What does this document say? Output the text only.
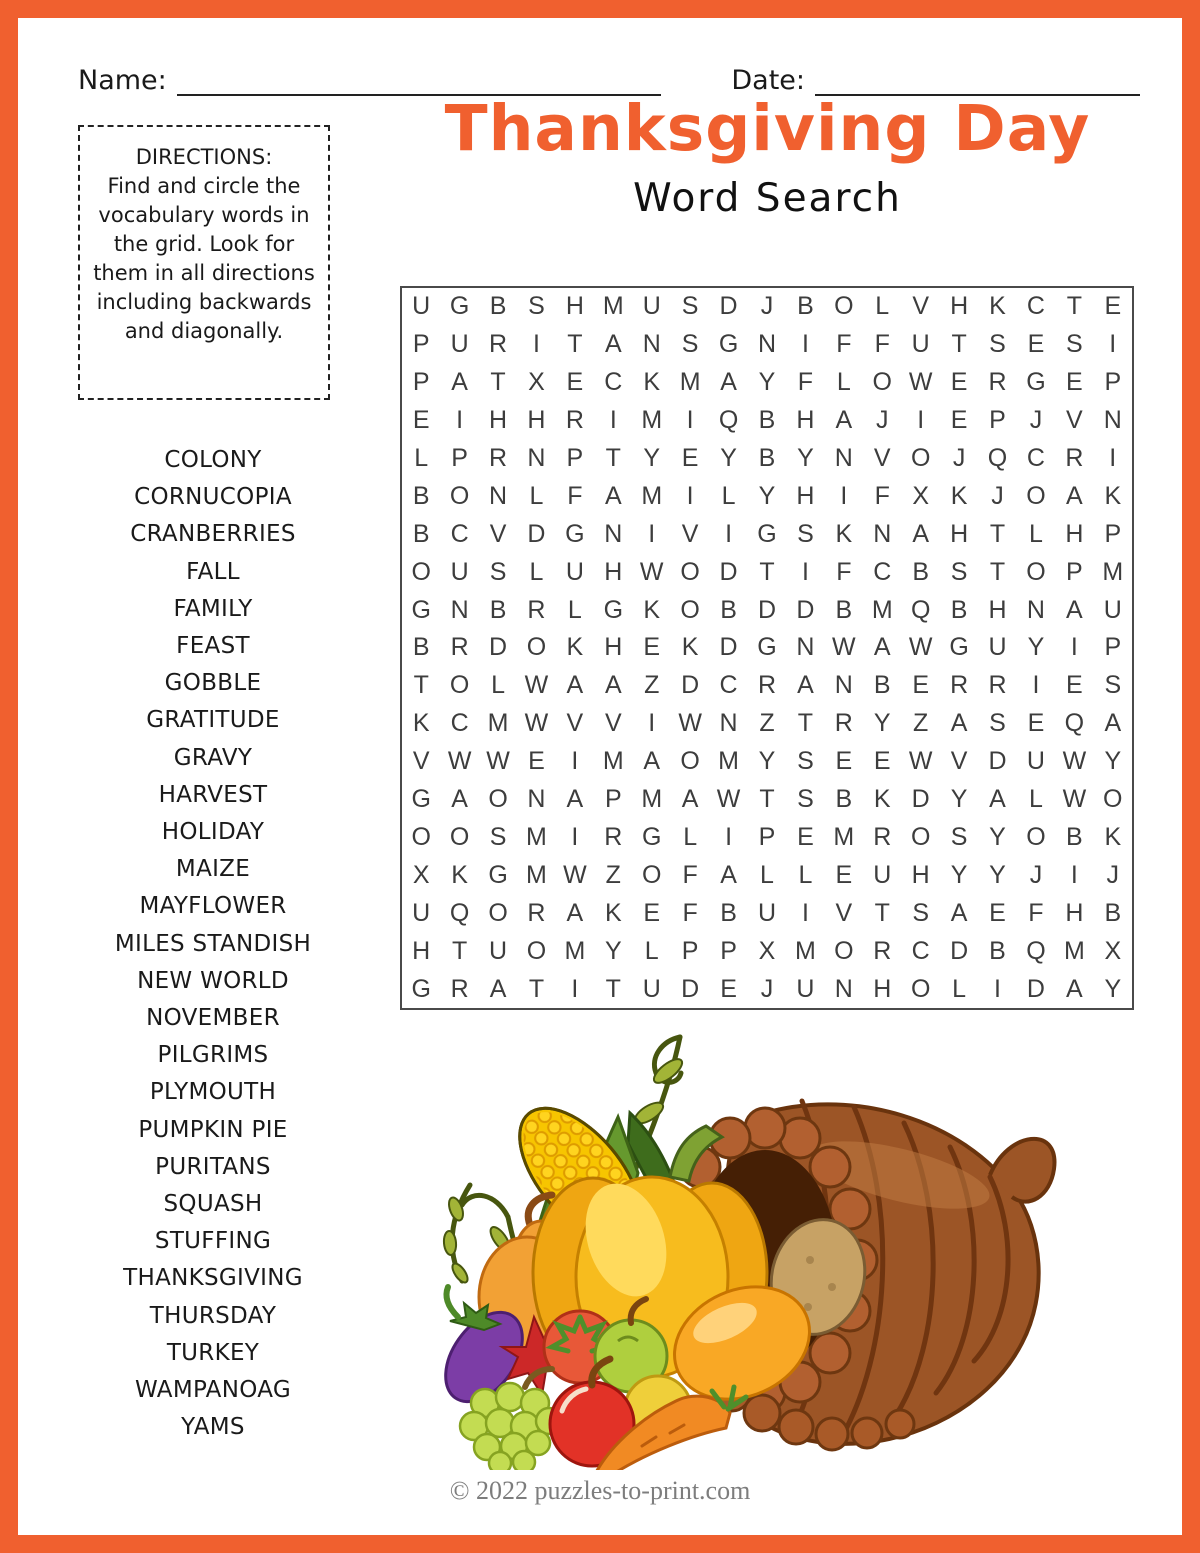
Name:	Date:
DIRECTIONS:
Find and circle the vocabulary words in the grid. Look for them in all directions including backwards and diagonally.
COLONY
CORNUCOPIA
CRANBERRIES
FALL
FAMILY
FEAST
GOBBLE
GRATITUDE
GRAVY
HARVEST
HOLIDAY
MAIZE
MAYFLOWER
MILES STANDISH
NEW WORLD
NOVEMBER
PILGRIMS
PLYMOUTH
PUMPKIN PIE
PURITANS
SQUASH
STUFFING
THANKSGIVING
THURSDAY
TURKEY
WAMPANOAG
YAMS
Thanksgiving Day
Word Search
U G B S H M U S D J B O L V H K C T E
P U R	I	T A N S G N	I	F F U T S E S	I
P A T X E C K M A Y F L O W E R G E P
E	I	H H R	I M I	Q B H A J	I	E P J V N
L P R N P T Y E Y B Y N V O J Q C R	I
B O N L F A M I	L Y H	I	F X K J O A K
B C V D G N	I	V	I	G S K N A H T L H P
O U S L U H W O D T	I	F C B S T O P M
G N B R L G K O B D D B M Q B H N A U
B R D O K H E K D G N W A W G U Y	I	P
T O L W A A Z D C R A N B E R R	I	E S
K C M W V V	I W N Z T R Y Z A S E Q A
V W W E	I M A O M Y S E E W V D U W Y
G A O N A P M A W T S B K D Y A L W O
O O S M I	R G L	I	P E M R O S Y O B K
X K G M W Z O F A L L E U H Y Y J	I	J
U Q O R A K E F B U	I	V T S A E F H B
H T U O M Y L P P X M O R C D B Q M X
G R A T	I	T U D E J U N H O L	I	D A Y
© 2022 puzzles-to-print.com
